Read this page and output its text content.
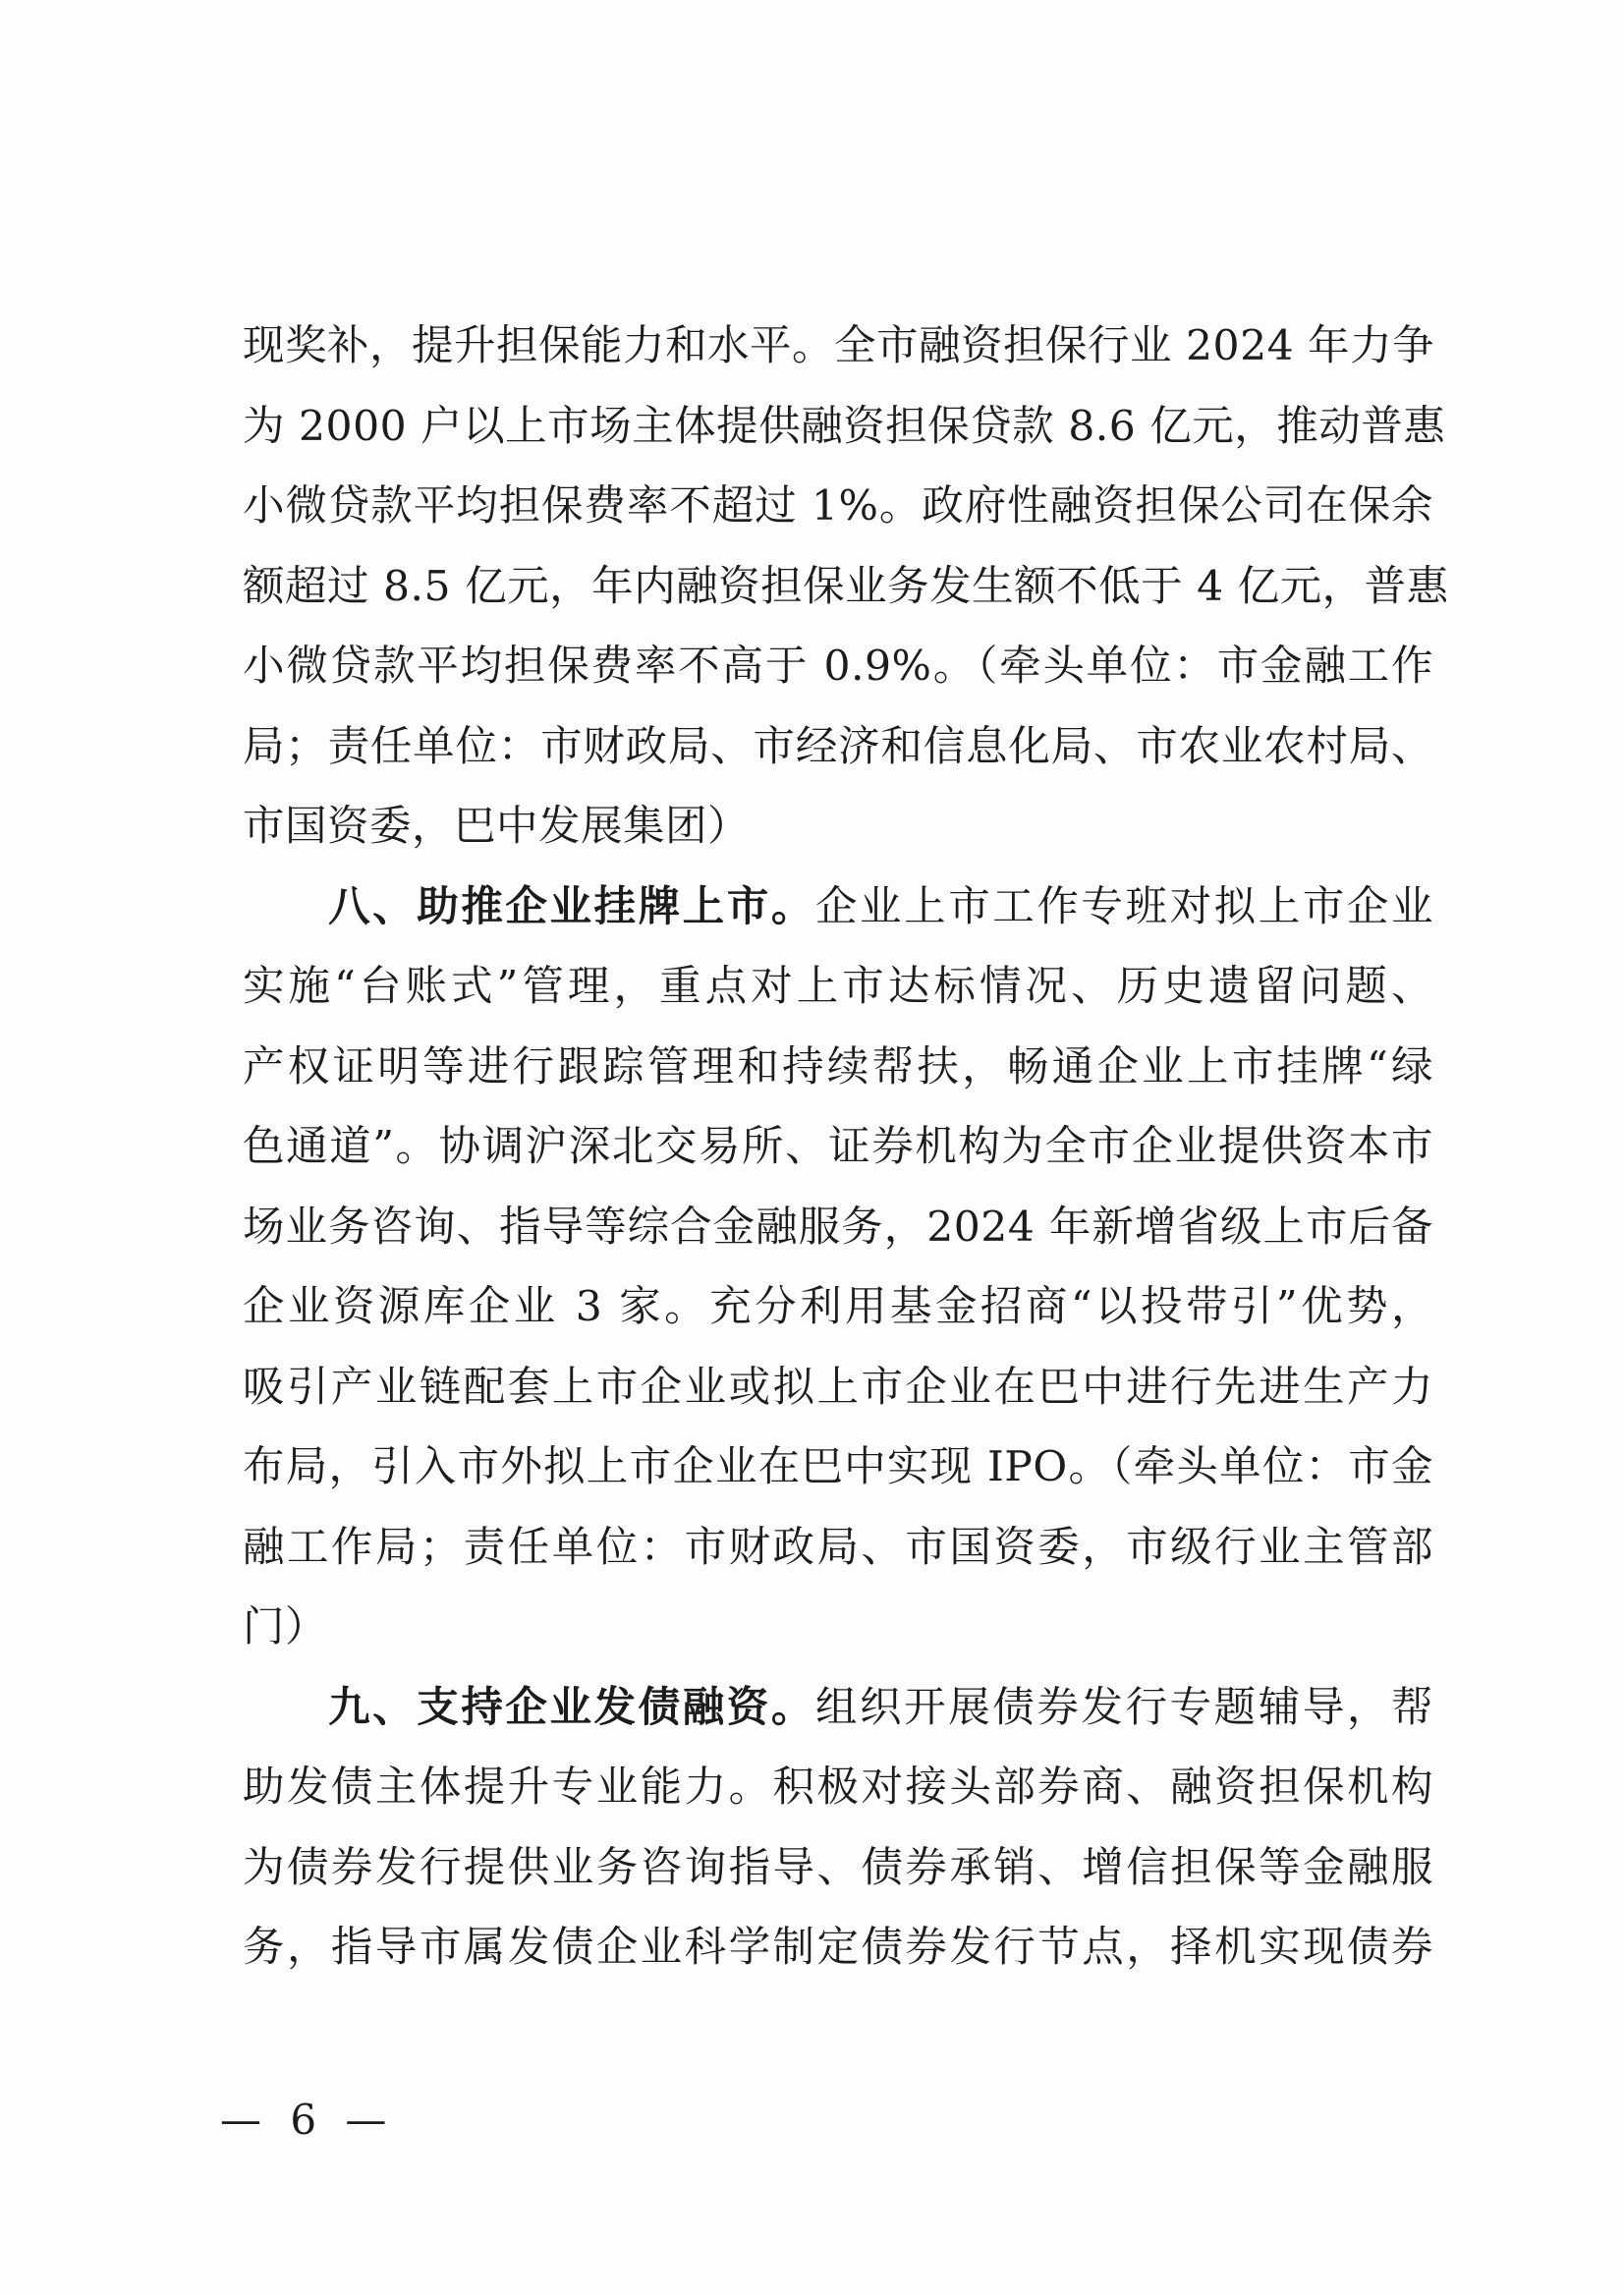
现奖补，提升担保能力和水平。全市融资担保行业 2024 年力争
为 2000 户以上市场主体提供融资担保贷款 8.6 亿元，推动普惠
小微贷款平均担保费率不超过 1%。政府性融资担保公司在保余
额超过 8.5 亿元，年内融资担保业务发生额不低于 4 亿元，普惠
小微贷款平均担保费率不高于 0.9%。（牵头单位：市金融工作
局；责任单位：市财政局、市经济和信息化局、市农业农村局、
市国资委，巴中发展集团）
八、助推企业挂牌上市。企业上市工作专班对拟上市企业
实施“台账式”管理，重点对上市达标情况、历史遗留问题、
产权证明等进行跟踪管理和持续帮扶，畅通企业上市挂牌“绿
色通道”。协调沪深北交易所、证券机构为全市企业提供资本市
场业务咨询、指导等综合金融服务，2024 年新增省级上市后备
企业资源库企业 3 家。充分利用基金招商“以投带引”优势，
吸引产业链配套上市企业或拟上市企业在巴中进行先进生产力
布局，引入市外拟上市企业在巴中实现 IPO。（牵头单位：市金
融工作局；责任单位：市财政局、市国资委，市级行业主管部
门）
九、支持企业发债融资。组织开展债券发行专题辅导，帮
助发债主体提升专业能力。积极对接头部券商、融资担保机构
为债券发行提供业务咨询指导、债券承销、增信担保等金融服
务，指导市属发债企业科学制定债券发行节点，择机实现债券
— 6 —
